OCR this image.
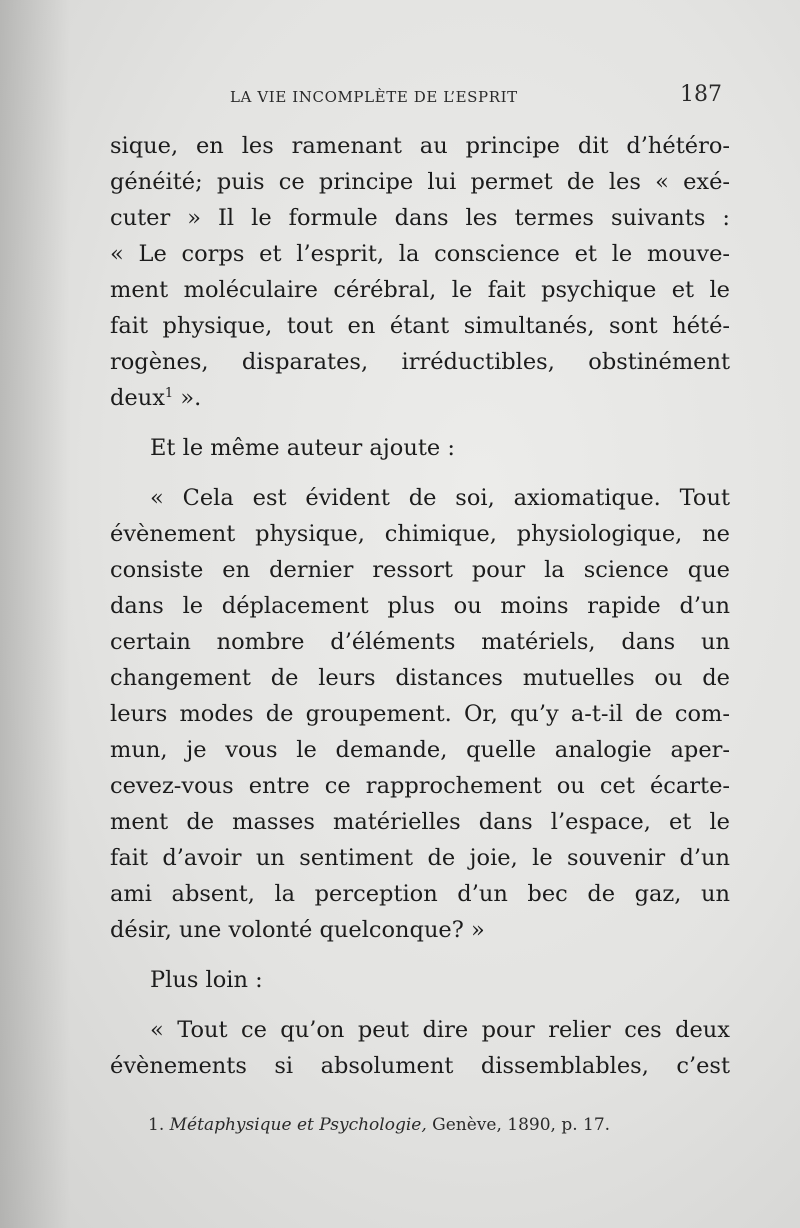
LA VIE INCOMPLÈTE DE L’ESPRIT	187
sique, en les ramenant au principe dit d’hétéro-
généité; puis ce principe lui permet de les « exé-
cuter » Il le formule dans les termes suivants :
« Le corps et l’esprit, la conscience et le mouve-
ment moléculaire cérébral, le fait psychique et le
fait physique, tout en étant simultanés, sont hété-
rogènes, disparates, irréductibles, obstinément
deux$^1$ ».
Et le même auteur ajoute :
« Cela est évident de soi, axiomatique. Tout
évènement physique, chimique, physiologique, ne
consiste en dernier ressort pour la science que
dans le déplacement plus ou moins rapide d’un
certain nombre d’éléments matériels, dans un
changement de leurs distances mutuelles ou de
leurs modes de groupement. Or, qu’y a-t-il de com-
mun, je vous le demande, quelle analogie aper-
cevez-vous entre ce rapprochement ou cet écarte-
ment de masses matérielles dans l’espace, et le
fait d’avoir un sentiment de joie, le souvenir d’un
ami absent, la perception d’un bec de gaz, un
désir, une volonté quelconque? »
Plus loin :
« Tout ce qu’on peut dire pour relier ces deux
évènements si absolument dissemblables, c’est
1. Métaphysique et Psychologie, Genève, 1890, p. 17.
